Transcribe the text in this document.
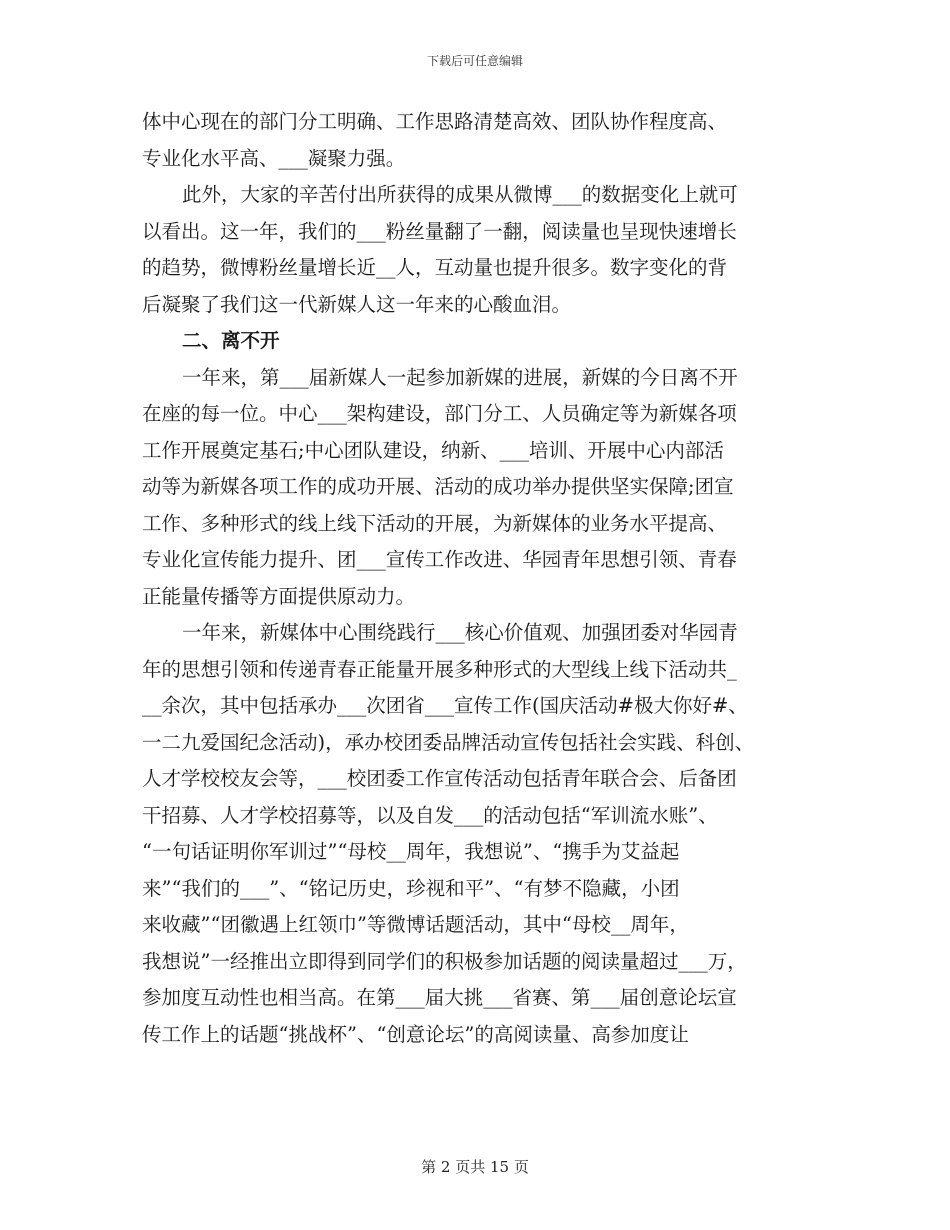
下载后可任意编辑
体中心现在的部门分工明确、工作思路清楚高效、团队协作程度高、
专业化水平高、___凝聚力强。
此外，大家的辛苦付出所获得的成果从微博___的数据变化上就可
以看出。这一年，我们的___粉丝量翻了一翻，阅读量也呈现快速增长
的趋势，微博粉丝量增长近__人，互动量也提升很多。数字变化的背
后凝聚了我们这一代新媒人这一年来的心酸血泪。
二、离不开
一年来，第___届新媒人一起参加新媒的进展，新媒的今日离不开
在座的每一位。中心___架构建设，部门分工、人员确定等为新媒各项
工作开展奠定基石;中心团队建设，纳新、___培训、开展中心内部活
动等为新媒各项工作的成功开展、活动的成功举办提供坚实保障;团宣
工作、多种形式的线上线下活动的开展，为新媒体的业务水平提高、
专业化宣传能力提升、团___宣传工作改进、华园青年思想引领、青春
正能量传播等方面提供原动力。
一年来，新媒体中心围绕践行___核心价值观、加强团委对华园青
年的思想引领和传递青春正能量开展多种形式的大型线上线下活动共_
__余次，其中包括承办___次团省___宣传工作(国庆活动#极大你好#、
一二九爱国纪念活动)，承办校团委品牌活动宣传包括社会实践、科创、
人才学校校友会等，___校团委工作宣传活动包括青年联合会、后备团
干招募、人才学校招募等，以及自发___的活动包括“军训流水账”、
“一句话证明你军训过”“母校__周年，我想说”、“携手为艾益起
来”“我们的___”、“铭记历史，珍视和平”、“有梦不隐藏，小团
来收藏”“团徽遇上红领巾”等微博话题活动，其中“母校__周年，
我想说”一经推出立即得到同学们的积极参加话题的阅读量超过___万，
参加度互动性也相当高。在第___届大挑___省赛、第___届创意论坛宣
传工作上的话题“挑战杯”、“创意论坛”的高阅读量、高参加度让
第 2 页共 15 页
